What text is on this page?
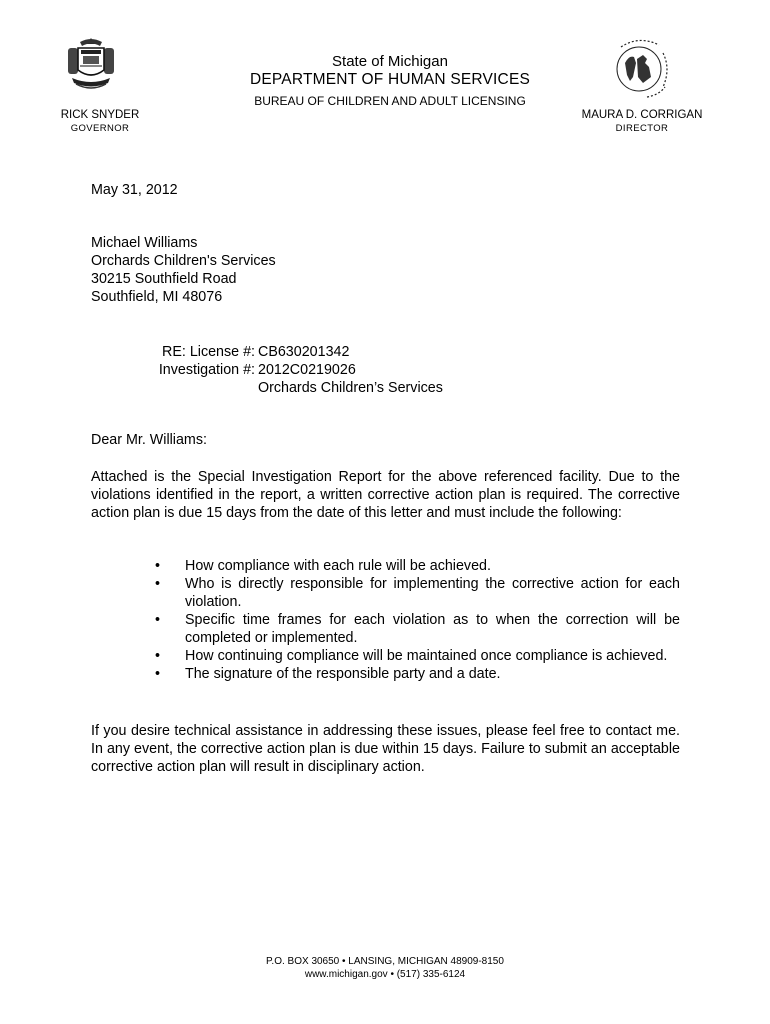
State of Michigan
DEPARTMENT OF HUMAN SERVICES
BUREAU OF CHILDREN AND ADULT LICENSING
RICK SNYDER
GOVERNOR
MAURA D. CORRIGAN
DIRECTOR
May 31, 2012
Michael Williams
Orchards Children's Services
30215 Southfield Road
Southfield, MI 48076
RE: License #: CB630201342
Investigation #: 2012C0219026
Orchards Children’s Services
Dear Mr. Williams:
Attached is the Special Investigation Report for the above referenced facility. Due to the violations identified in the report, a written corrective action plan is required. The corrective action plan is due 15 days from the date of this letter and must include the following:
•	How compliance with each rule will be achieved.
•	Who is directly responsible for implementing the corrective action for each violation.
•	Specific time frames for each violation as to when the correction will be completed or implemented.
•	How continuing compliance will be maintained once compliance is achieved.
•	The signature of the responsible party and a date.
If you desire technical assistance in addressing these issues, please feel free to contact me. In any event, the corrective action plan is due within 15 days. Failure to submit an acceptable corrective action plan will result in disciplinary action.
P.O. BOX 30650 • LANSING, MICHIGAN 48909-8150
www.michigan.gov • (517) 335-6124
